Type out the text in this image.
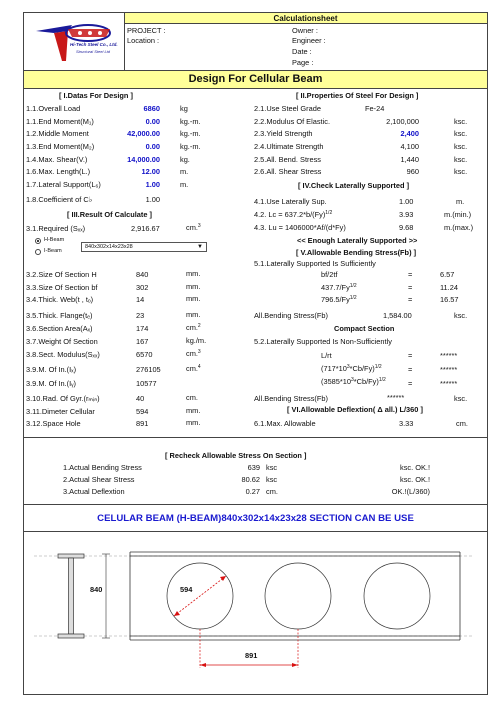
Hi-Tech Steel Co., Ltd.
Structural Steel Ltd
Calculationsheet
PROJECT :
Location :
Owner :
Engineer :
Date :
Page :
Design For Cellular Beam
[ I.Datas For Design ]	[ II.Properties Of Steel For Design ]
1.1.Overall Load	6860	kg
1.1.End Moment(M₁)	0.00	kg.-m.
1.2.Middle Moment	42,000.00	kg.-m.
1.3.End Moment(M₂)	0.00	kg.-m.
1.4.Max. Shear(V.)	14,000.00	kg.
1.6.Max. Length(L.)	12.00	m.
1.7.Lateral Support(L₆)	1.00	m.
1.8.Coefficient of C♭	1.00
2.1.Use Steel Grade	Fe-24
2.2.Modulus Of Elastic.	2,100,000	ksc.
2.3.Yield Strength	2,400	ksc.
2.4.Ultimate Strength	4,100	ksc.
2.5.All. Bend. Stress	1,440	ksc.
2.6.All. Shear Stress	960	ksc.
[ IV.Check Laterally Supported ]
4.1.Use Laterally Sup.	1.00	m.
4.2. $Lc = 637.2*b/(Fy)^{1/2}$	3.93	m.(min.)
4.3. Lu = 1406000*Af/(d*Fy)	9.68	m.(max.)
<< Enough Laterally Supported >>
[ III.Result Of Calculate ]
3.1.Required (Sₓₓ)	2,916.67	cm.$^3$
H-Beam
I-Beam
840x302x14x23x28	▼
3.2.Size Of Section H	840	mm.
3.3.Size Of Section bf	302	mm.
3.4.Thick. Web(t , tₒ)	14	mm.
3.5.Thick. Flange(tₑ)	23	mm.
3.6.Section Area(Aₓ)	174	cm.$^2$
3.7.Weight Of Section	167	kg./m.
3.8.Sect. Modulus(Sₓₓ)	6570	cm.$^3$
3.9.M. Of In.(Iₓ)	276105	cm.$^4$
3.9.M. Of In.(Iᵧ)	10577
3.10.Rad. Of Gyr.(rₘᵢₙ)	40	cm.
3.11.Dimeter Cellular	594	mm.
3.12.Space Hole	891	mm.
[ V.Allowable Bending Stress(Fb) ]
5.1.Laterally Supported Is Sufficiently
bf/2tf	=	6.57
$437.7/Fy^{1/2}$	=	11.24
$796.5/Fy^{1/2}$	=	16.57
All.Bending Stress(Fb)	1,584.00	ksc.
Compact Section
5.2.Laterally Supported Is Non-Sufficiently
L/rt	=	******
$(717*10^3*Cb/Fy)^{1/2}$	=	******
$(3585*10^3*Cb/Fy)^{1/2}$	=	******
All.Bending Stress(Fb)	******	ksc.
[ VI.Allowable Deflextion( Δ all.) L/360 ]
6.1.Max. Allowable	3.33	cm.
[ Recheck Allowable Stress On Section ]
1.Actual Bending Stress	639 ksc	ksc. OK.!
2.Actual Shear Stress	80.62 ksc	ksc. OK.!
3.Actual Deflextion	0.27 cm.	OK.!(L/360)
CELULAR BEAM (H-BEAM)840x302x14x23x28 SECTION CAN BE USE
840	594
891
